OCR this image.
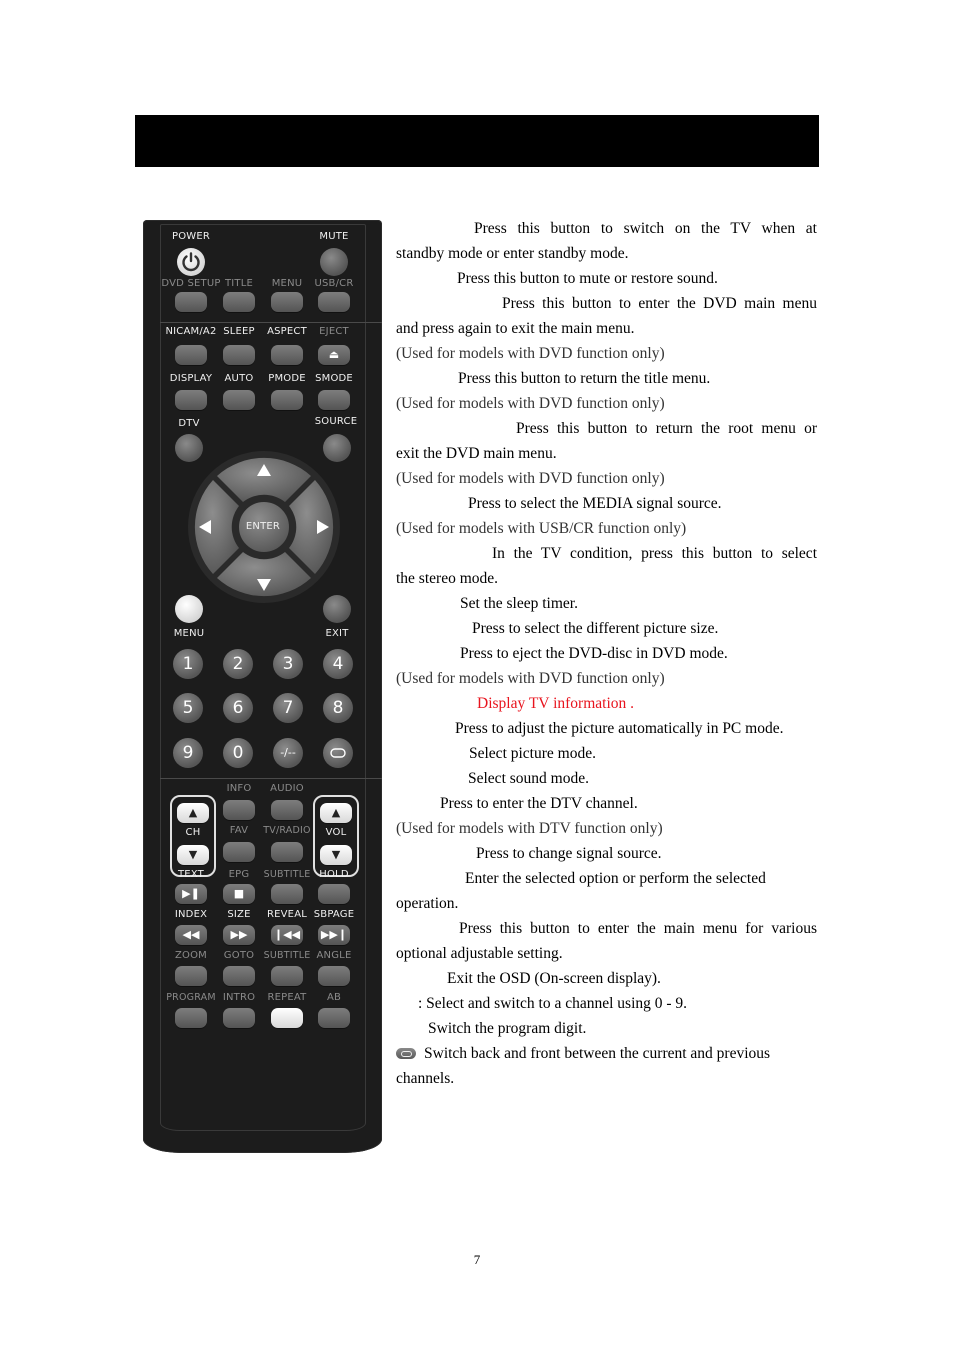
POWER	MUTE
DVD SETUP TITLE	MENU	USB/CR
NICAM/A2 SLEEP	ASPECT	EJECT
⏏
DISPLAY	AUTO	PMODE SMODE
DTV	SOURCE
ENTER
MENU	EXIT
1	2	3	4
5	6	7	8
9	0	-/--
INFO	AUDIO
▲
CH
▼
▲
VOL
▼
FAV	TV/RADIO
TEXT	EPG	SUBTITLE HOLD
▶❚	■
INDEX	SIZE	REVEAL SBPAGE
◀◀	▶▶	❙◀◀ ▶▶❙
ZOOM	GOTO SUBTITLE ANGLE
PROGRAM INTRO	REPEAT	AB

Press this button to switch on the TV when at

standby mode or enter standby mode.

Press this button to mute or restore sound.

Press this button to enter the DVD main menu

and press again to exit the main menu.

(Used for models with DVD function only)

Press this button to return the title menu.

(Used for models with DVD function only)

Press this button to return the root menu or

exit the DVD main menu.

(Used for models with DVD function only)

Press to select the MEDIA signal source.

(Used for models with USB/CR function only)

In the TV condition, press this button to select

the stereo mode.

Set the sleep timer.

Press to select the different picture size.

Press to eject the DVD-disc in DVD mode.

(Used for models with DVD function only)

Display TV information .

Press to adjust the picture automatically in PC mode.

Select picture mode.

Select sound mode.

Press to enter the DTV channel.

(Used for models with DTV function only)

Press to change signal source.

Enter the selected option or perform the selected

operation.

Press this button to enter the main menu for various

optional adjustable setting.

Exit the OSD (On-screen display).

: Select and switch to a channel using 0 - 9.

Switch the program digit.

Switch back and front between the current and previous

channels.

7
